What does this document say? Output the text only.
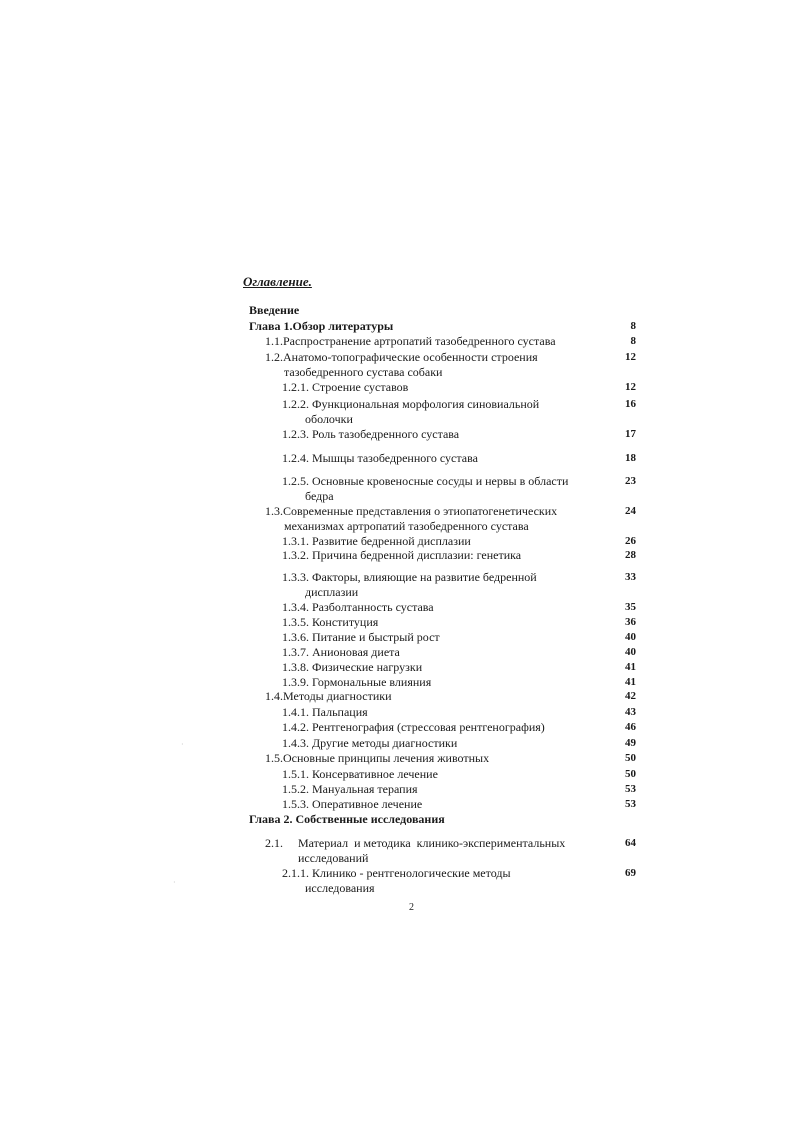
Оглавление.

Введение
Глава 1.Обзор литературы	8
1.1.Распространение артропатий тазобедренного сустава	8
1.2.Анатомо-топографические особенности строения	12
тазобедренного сустава собаки
1.2.1. Строение суставов	12
1.2.2. Функциональная морфология синовиальной	16
оболочки
1.2.3. Роль тазобедренного сустава	17
1.2.4. Мышцы тазобедренного сустава	18
1.2.5. Основные кровеносные сосуды и нервы в области	23
бедра
1.3.Современные представления о этиопатогенетических	24
механизмах артропатий тазобедренного сустава
1.3.1. Развитие бедренной дисплазии	26
1.3.2. Причина бедренной дисплазии: генетика	28
1.3.3. Факторы, влияющие на развитие бедренной	33
дисплазии
1.3.4. Разболтанность сустава	35
1.3.5. Конституция	36
1.3.6. Питание и быстрый рост	40
1.3.7. Анионовая диета	40
1.3.8. Физические нагрузки	41
1.3.9. Гормональные влияния	41
1.4.Методы диагностики	42
1.4.1. Пальпация	43
1.4.2. Рентгенография (стрессовая рентгенография)	46
1.4.3. Другие методы диагностики	49
1.5.Основные принципы лечения животных	50
1.5.1. Консервативное лечение	50
1.5.2. Мануальная терапия	53
1.5.3. Оперативное лечение	53
Глава 2. Собственные исследования
2.1.     Материал  и методика  клинико-экспериментальных	64
исследований
2.1.1. Клинико - рентгенологические методы	69
исследования
2
·
·
